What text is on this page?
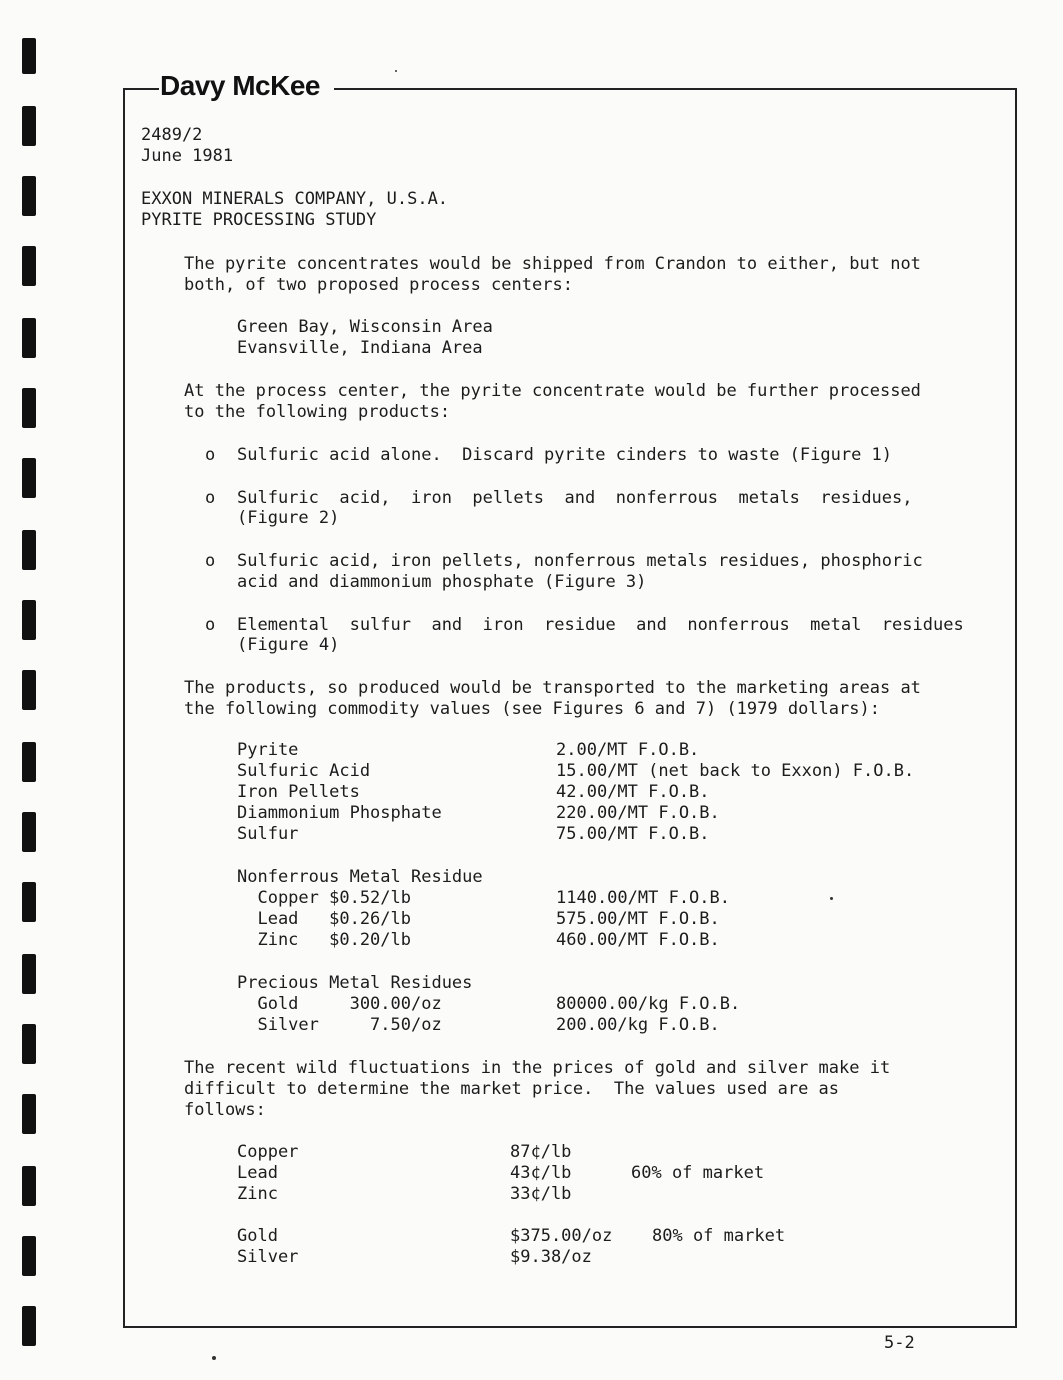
Davy McKee
2489/2
June 1981
EXXON MINERALS COMPANY, U.S.A.
PYRITE PROCESSING STUDY
The pyrite concentrates would be shipped from Crandon to either, but not
both, of two proposed process centers:
Green Bay, Wisconsin Area
Evansville, Indiana Area
At the process center, the pyrite concentrate would be further processed
to the following products:
o Sulfuric acid alone.  Discard pyrite cinders to waste (Figure 1)
o Sulfuric  acid,  iron  pellets  and  nonferrous  metals  residues,
(Figure 2)
o Sulfuric acid, iron pellets, nonferrous metals residues, phosphoric
acid and diammonium phosphate (Figure 3)
o Elemental  sulfur  and  iron  residue  and  nonferrous  metal  residues
(Figure 4)
The products, so produced would be transported to the marketing areas at
the following commodity values (see Figures 6 and 7) (1979 dollars):
Pyrite	2.00/MT F.O.B.
Sulfuric Acid	15.00/MT (net back to Exxon) F.O.B.
Iron Pellets	42.00/MT F.O.B.
Diammonium Phosphate	220.00/MT F.O.B.
Sulfur	75.00/MT F.O.B.
Nonferrous Metal Residue
Copper $0.52/lb	1140.00/MT F.O.B.
Lead   $0.26/lb	575.00/MT F.O.B.
Zinc   $0.20/lb	460.00/MT F.O.B.
Precious Metal Residues
Gold     300.00/oz	80000.00/kg F.O.B.
Silver     7.50/oz	200.00/kg F.O.B.
The recent wild fluctuations in the prices of gold and silver make it
difficult to determine the market price.  The values used are as
follows:
Copper	87¢/lb
Lead	43¢/lb	60% of market
Zinc	33¢/lb
Gold	$375.00/oz 80% of market
Silver	$9.38/oz
5-2
